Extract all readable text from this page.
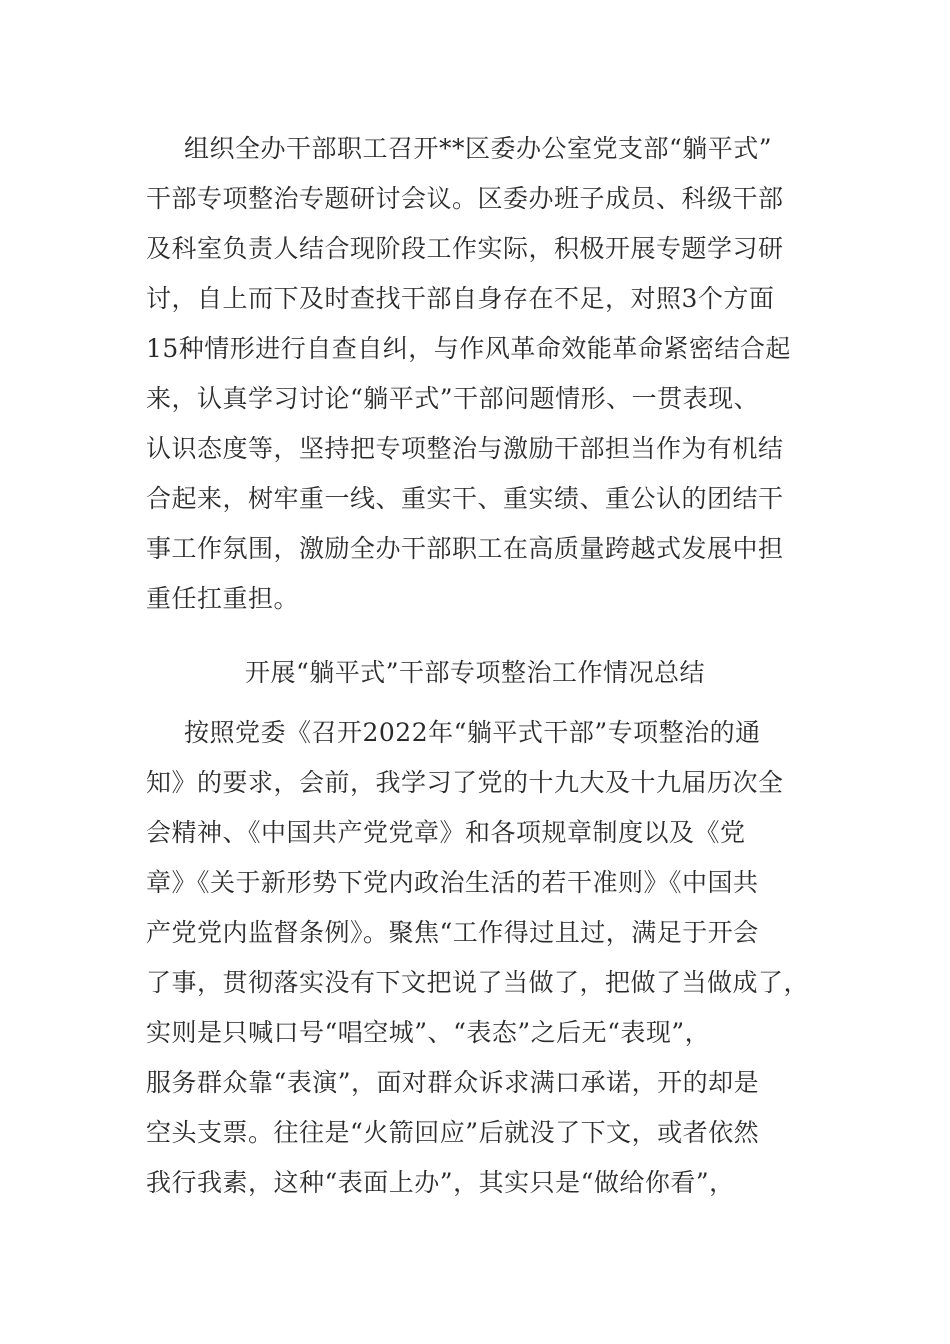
组织全办干部职工召开**区委办公室党支部“躺平式”
干部专项整治专题研讨会议。区委办班子成员、科级干部
及科室负责人结合现阶段工作实际，积极开展专题学习研
讨，自上而下及时查找干部自身存在不足，对照3个方面
15种情形进行自查自纠，与作风革命效能革命紧密结合起
来，认真学习讨论“躺平式”干部问题情形、一贯表现、
认识态度等，坚持把专项整治与激励干部担当作为有机结
合起来，树牢重一线、重实干、重实绩、重公认的团结干
事工作氛围，激励全办干部职工在高质量跨越式发展中担
重任扛重担。
开展“躺平式”干部专项整治工作情况总结
按照党委《召开2022年“躺平式干部”专项整治的通
知》的要求，会前，我学习了党的十九大及十九届历次全
会精神、《中国共产党党章》和各项规章制度以及《党
章》《关于新形势下党内政治生活的若干准则》《中国共
产党党内监督条例》。聚焦“工作得过且过，满足于开会
了事，贯彻落实没有下文把说了当做了，把做了当做成了，
实则是只喊口号“唱空城”、“表态”之后无“表现”，
服务群众靠“表演”，面对群众诉求满口承诺，开的却是
空头支票。往往是“火箭回应”后就没了下文，或者依然
我行我素，这种“表面上办”，其实只是“做给你看”，
